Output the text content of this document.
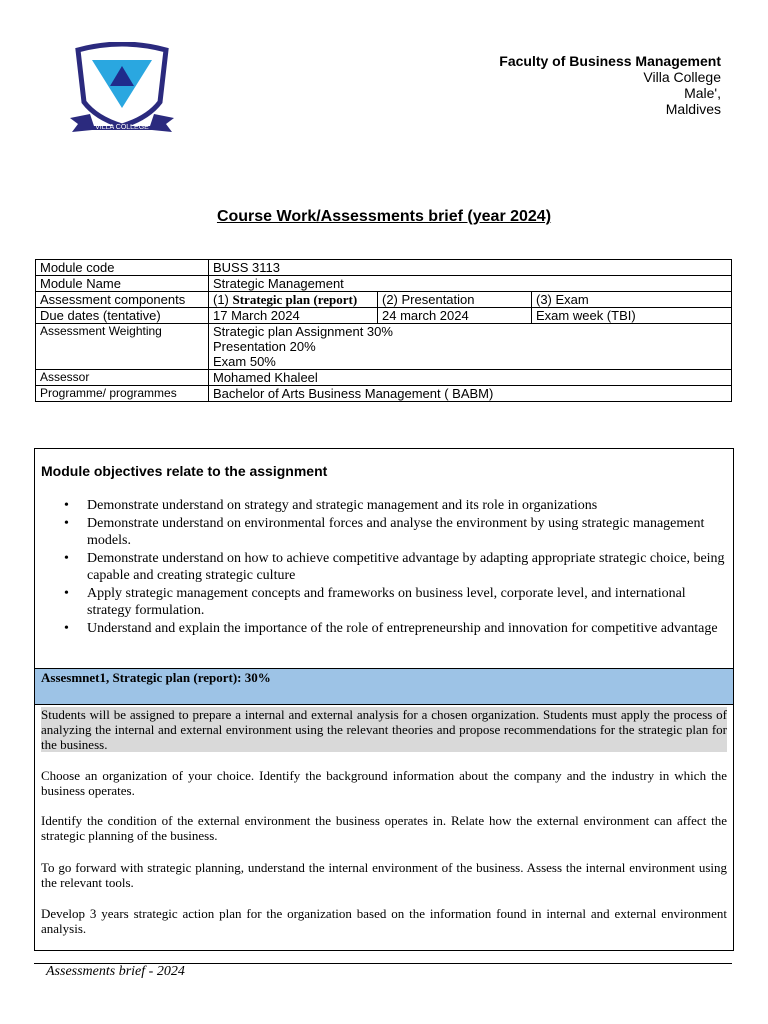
VILLA COLLEGE
Faculty of Business Management
Villa College
Male',
Maldives
Course Work/Assessments brief (year 2024)
Module code	BUSS 3113		
Module Name	Strategic Management		
Assessment components	(1) Strategic plan (report)	(2) Presentation	(3) Exam
Due dates (tentative)	17 March 2024	24 march 2024	Exam week (TBI)
Assessment Weighting	Strategic plan Assignment 30%
Presentation 20%
Exam 50%		

Assessor	Mohamed Khaleel		
Programme/ programmes	Bachelor of Arts Business Management ( BABM)		
Module objectives relate to the assignment
• Demonstrate understand on strategy and strategic management and its role in organizations
• Demonstrate understand on environmental forces and analyse the environment by using strategic management models.
• Demonstrate understand on how to achieve competitive advantage by adapting appropriate strategic choice, being capable and creating strategic culture
• Apply strategic management concepts and frameworks on business level, corporate level, and international strategy formulation.
• Understand and explain the importance of the role of entrepreneurship and innovation for competitive advantage
Assesmnet1, Strategic plan (report): 30%
Students will be assigned to prepare a internal and external analysis for a chosen organization. Students must apply the process of analyzing the internal and external environment using the relevant theories and propose recommendations for the strategic plan for the business.
Choose an organization of your choice. Identify the background information about the company and the industry in which the business operates.
Identify the condition of the external environment the business operates in. Relate how the external environment can affect the strategic planning of the business.
To go forward with strategic planning, understand the internal environment of the business. Assess the internal environment using the relevant tools.
Develop 3 years strategic action plan for the organization based on the information found in internal and external environment analysis.
Assessments brief - 2024
